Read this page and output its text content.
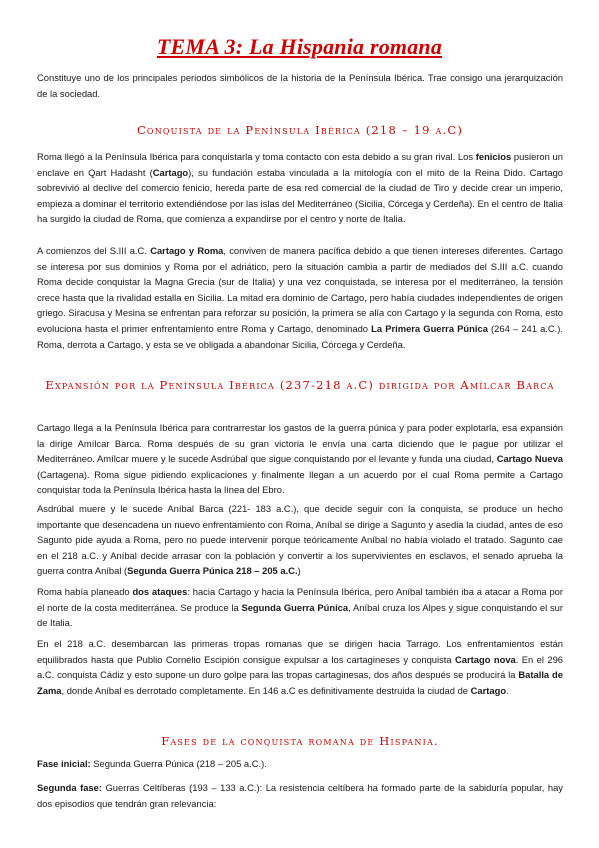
TEMA 3: La Hispania romana
Constituye uno de los principales periodos simbólicos de la historia de la Península Ibérica. Trae consigo una jerarquización de la sociedad.
Conquista de la Península Ibérica (218 – 19 a.C)
Roma llegó a la Península Ibérica para conquistarla y toma contacto con esta debido a su gran rival. Los fenicios pusieron un enclave en Qart Hadasht (Cartago), su fundación estaba vinculada a la mitología con el mito de la Reina Dido. Cartago sobrevivió al declive del comercio fenicio, hereda parte de esa red comercial de la ciudad de Tiro y decide crear un imperio, empieza a dominar el territorio extendiéndose por las islas del Mediterráneo (Sicilia, Córcega y Cerdeña). En el centro de Italia ha surgido la ciudad de Roma, que comienza a expandirse por el centro y norte de Italia.
A comienzos del S.III a.C. Cartago y Roma, conviven de manera pacífica debido a que tienen intereses diferentes. Cartago se interesa por sus dominios y Roma por el adriático, pero la situación cambia a partir de mediados del S.III a.C. cuando Roma decide conquistar la Magna Grecia (sur de Italia) y una vez conquistada, se interesa por el mediterráneo, la tensión crece hasta que la rivalidad estalla en Sicilia. La mitad era dominio de Cartago, pero había ciudades independientes de origen griego. Siracusa y Mesina se enfrentan para reforzar su posición, la primera se alía con Cartago y la segunda con Roma, esto evoluciona hasta el primer enfrentamiento entre Roma y Cartago, denominado La Primera Guerra Púnica (264 – 241 a.C.). Roma, derrota a Cartago, y esta se ve obligada a abandonar Sicilia, Córcega y Cerdeña.
Expansión por la Península Ibérica (237-218 a.C) dirigida por Amílcar Barca
Cartago llega a la Península Ibérica para contrarrestar los gastos de la guerra púnica y para poder explotarla, esa expansión la dirige Amílcar Barca. Roma después de su gran victoria le envía una carta diciendo que le pague por utilizar el Mediterráneo. Amílcar muere y le sucede Asdrúbal que sigue conquistando por el levante y funda una ciudad, Cartago Nueva (Cartagena). Roma sigue pidiendo explicaciones y finalmente llegan a un acuerdo por el cual Roma permite a Cartago conquistar toda la Península Ibérica hasta la línea del Ebro.
Asdrúbal muere y le sucede Aníbal Barca (221- 183 a.C.), que decide seguir con la conquista, se produce un hecho importante que desencadena un nuevo enfrentamiento con Roma, Aníbal se dirige a Sagunto y asedia la ciudad, antes de eso Sagunto pide ayuda a Roma, pero no puede intervenir porque teóricamente Aníbal no había violado el tratado. Sagunto cae en el 218 a.C. y Aníbal decide arrasar con la población y convertir a los supervivientes en esclavos, el senado aprueba la guerra contra Aníbal (Segunda Guerra Púnica 218 – 205 a.C.)
Roma había planeado dos ataques: hacia Cartago y hacia la Península Ibérica, pero Aníbal también iba a atacar a Roma por el norte de la costa mediterránea. Se produce la Segunda Guerra Púnica, Aníbal cruza los Alpes y sigue conquistando el sur de Italia.
En el 218 a.C. desembarcan las primeras tropas romanas que se dirigen hacia Tarrago. Los enfrentamientos están equilibrados hasta que Publio Cornelio Escipión consigue expulsar a los cartagineses y conquista Cartago nova. En el 296 a.C. conquista Cádiz y esto supone un duro golpe para las tropas cartaginesas, dos años después se producirá la Batalla de Zama, donde Aníbal es derrotado completamente. En 146 a.C es definitivamente destruida la ciudad de Cartago.
Fases de la conquista romana de Hispania.
Fase inicial: Segunda Guerra Púnica (218 – 205 a.C.).
Segunda fase: Guerras Celtíberas (193 – 133 a.C.): La resistencia celtíbera ha formado parte de la sabiduría popular, hay dos episodios que tendrán gran relevancia:
